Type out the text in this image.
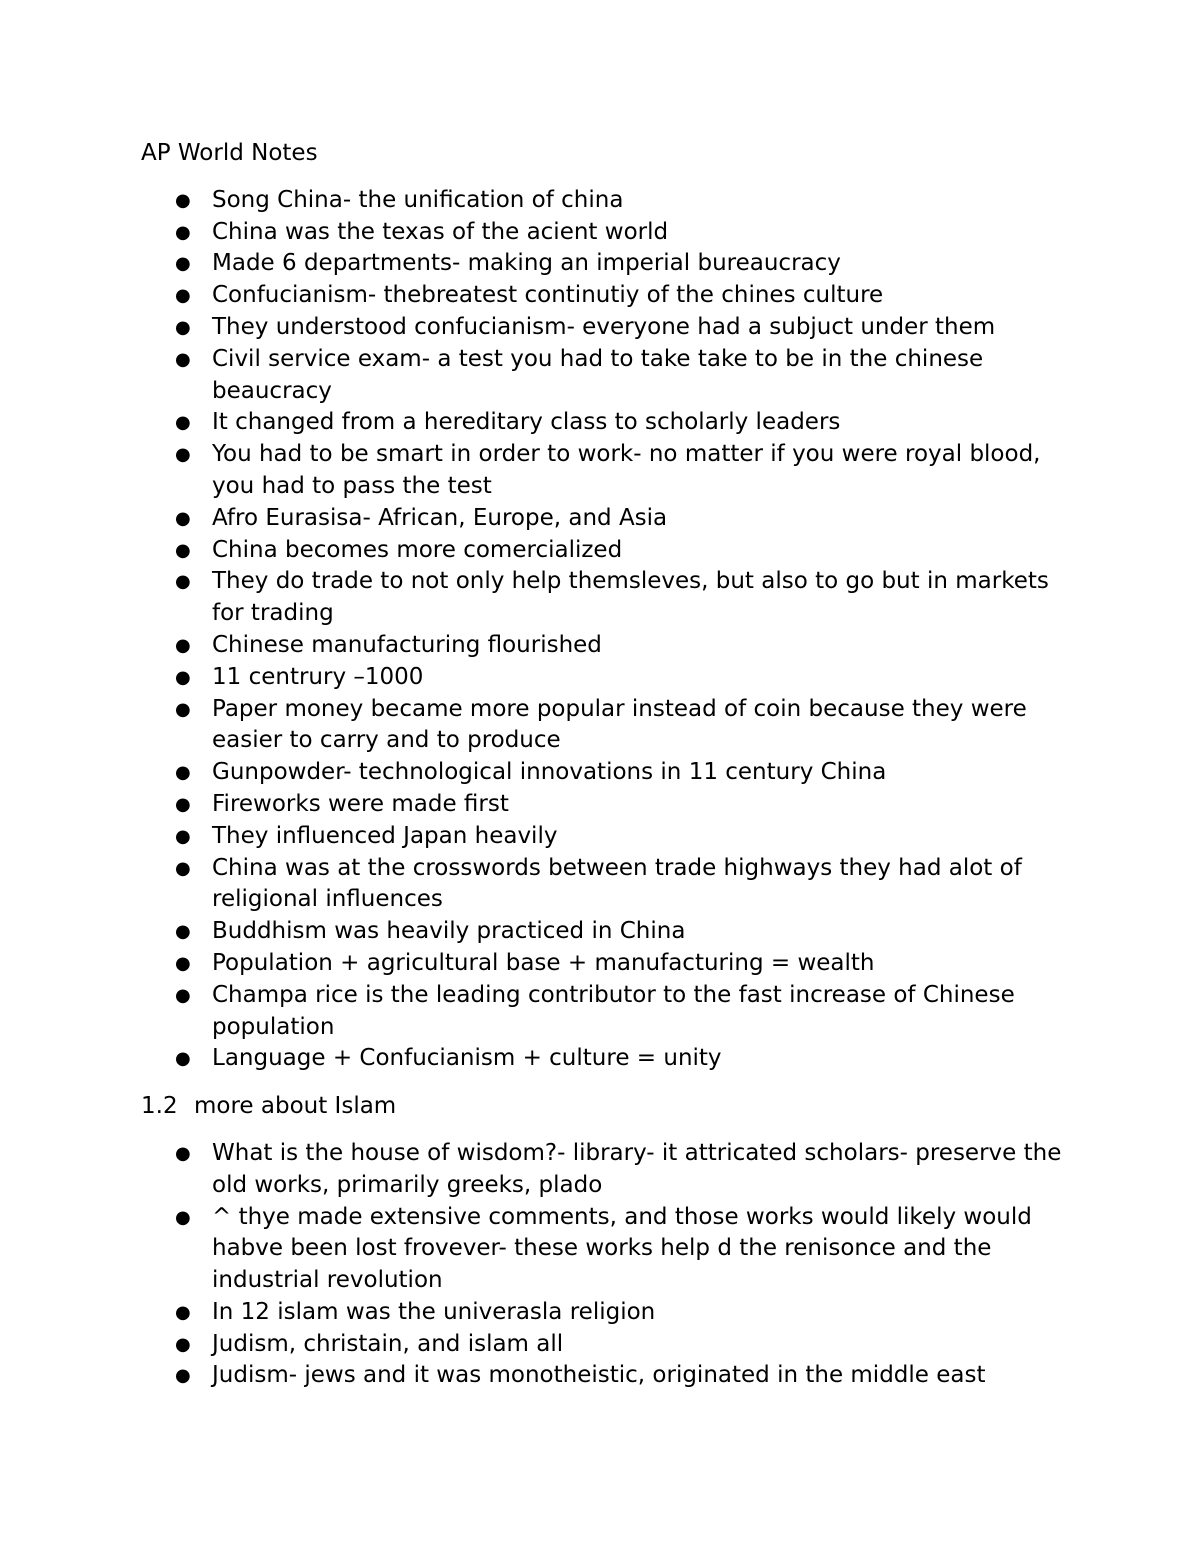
AP World Notes

● Song China- the unification of china
● China was the texas of the acient world
● Made 6 departments- making an imperial bureaucracy
● Confucianism- thebreatest continutiy of the chines culture
● They understood confucianism- everyone had a subjuct under them
● Civil service exam- a test you had to take take to be in the chinese beaucracy
● It changed from a hereditary class to scholarly leaders
● You had to be smart in order to work- no matter if you were royal blood, you had to pass the test
● Afro Eurasisa- African, Europe, and Asia
● China becomes more comercialized
● They do trade to not only help themsleves, but also to go but in markets for trading
● Chinese manufacturing flourished
● 11 centrury –1000
● Paper money became more popular instead of coin because they were easier to carry and to produce
● Gunpowder- technological innovations in 11 century China
● Fireworks were made first
● They influenced Japan heavily
● China was at the crosswords between trade highways they had alot of religional influences
● Buddhism was heavily practiced in China
● Population + agricultural base + manufacturing = wealth
● Champa rice is the leading contributor to the fast increase of Chinese population
● Language + Confucianism + culture = unity

1.2 more about Islam

● What is the house of wisdom?- library- it attricated scholars- preserve the old works, primarily greeks, plado
● ^ thye made extensive comments, and those works would likely would habve been lost frovever- these works help d the renisonce and the industrial revolution
● In 12 islam was the univerasla religion
● Judism, christain, and islam all
● Judism- jews and it was monotheistic, originated in the middle east
